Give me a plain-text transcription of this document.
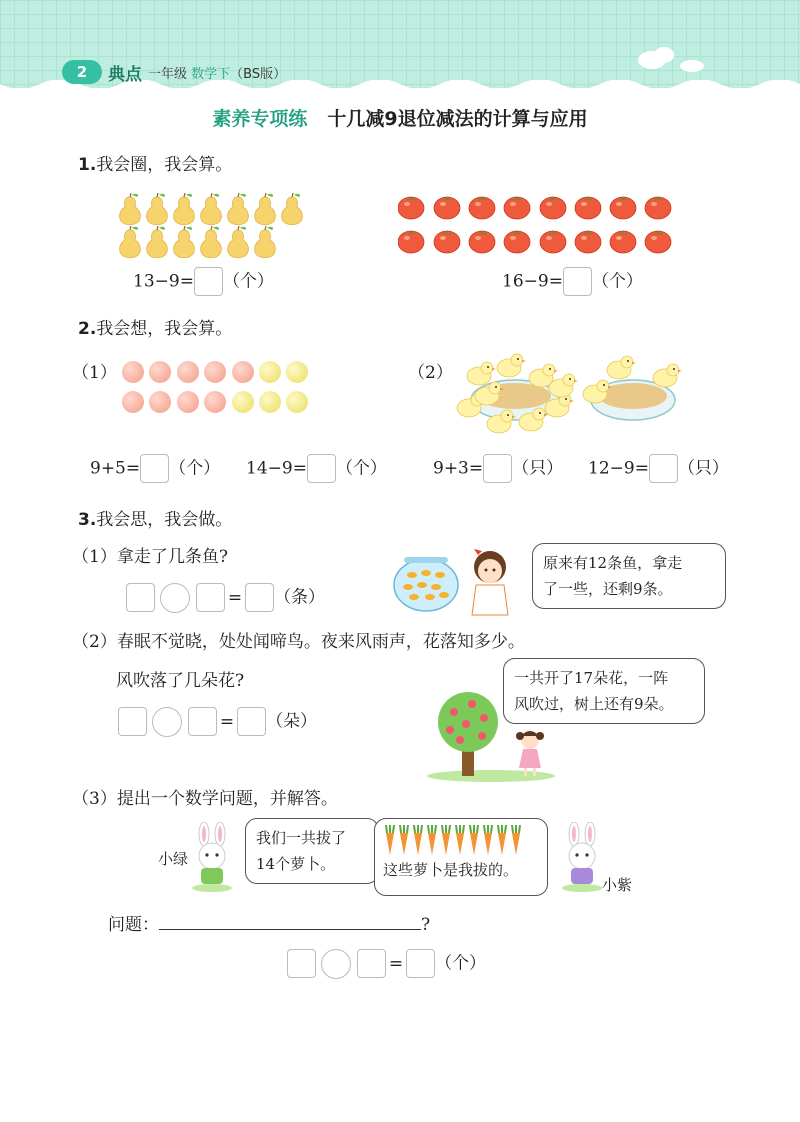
2	典点 一年级 数学下（BS版）
素养专项练 十几减9退位减法的计算与应用
1.我会圈，我会算。
13−9= （个）	16−9= （个）
2.我会想，我会算。
（1）	（2）
9+5= （个） 14−9= （个）	9+3= （只） 12−9= （只）
3.我会思，我会做。
（1）拿走了几条鱼?
= （条）
原来有12条鱼，拿走
了一些，还剩9条。
（2）春眠不觉晓，处处闻啼鸟。夜来风雨声，花落知多少。
风吹落了几朵花?
= （朵）
一共开了17朵花，一阵
风吹过，树上还有9朵。
（3）提出一个数学问题，并解答。
小绿
我们一共拔了
14个萝卜。	这些萝卜是我拔的。
小紫
问题：	?
= （个）
